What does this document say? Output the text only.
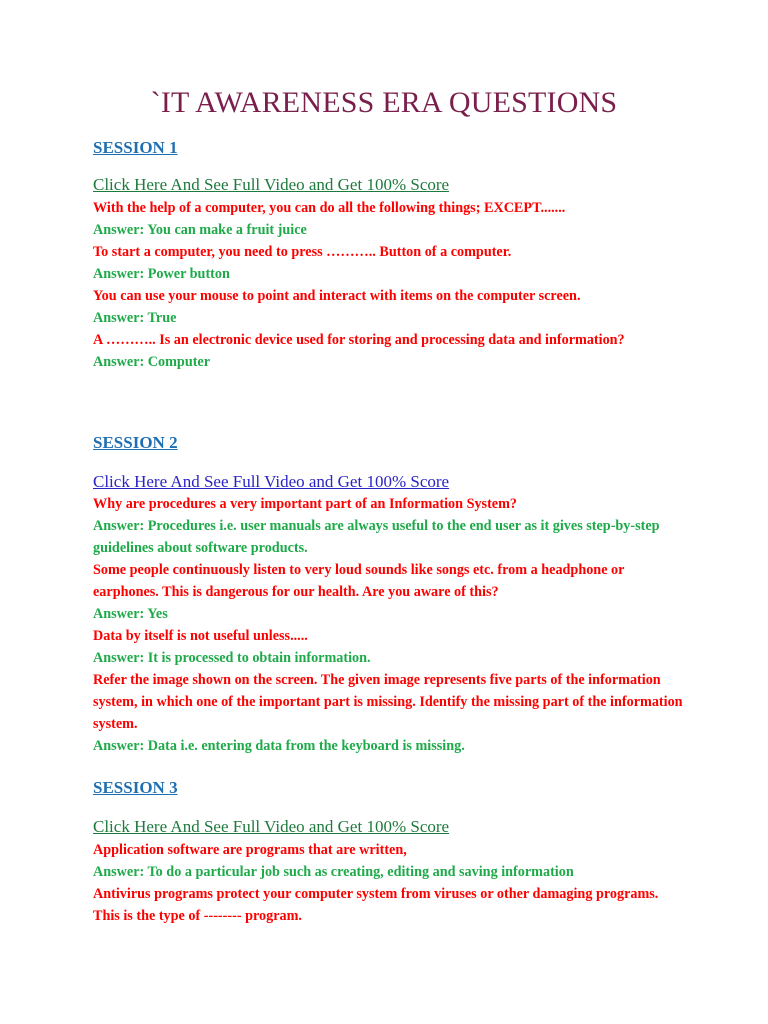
`IT AWARENESS ERA QUESTIONS
SESSION 1
Click Here And See Full Video and Get 100% Score

With the help of a computer, you can do all the following things; EXCEPT.......

Answer: You can make a fruit juice

To start a computer, you need to press ……….. Button of a computer.

Answer: Power button

You can use your mouse to point and interact with items on the computer screen.

Answer: True

A ……….. Is an electronic device used for storing and processing data and information?

Answer: Computer

SESSION 2
Click Here And See Full Video and Get 100% Score

Why are procedures a very important part of an Information System?

Answer: Procedures i.e. user manuals are always useful to the end user as it gives step-by-step guidelines about software products.

Some people continuously listen to very loud sounds like songs etc. from a headphone or earphones. This is dangerous for our health. Are you aware of this?

Answer: Yes

Data by itself is not useful unless.....

Answer: It is processed to obtain information.

Refer the image shown on the screen. The given image represents five parts of the information system, in which one of the important part is missing. Identify the missing part of the information system.

Answer: Data i.e. entering data from the keyboard is missing.

SESSION 3
Click Here And See Full Video and Get 100% Score

Application software are programs that are written,

Answer: To do a particular job such as creating, editing and saving information

Antivirus programs protect your computer system from viruses or other damaging programs. This is the type of -------- program.
